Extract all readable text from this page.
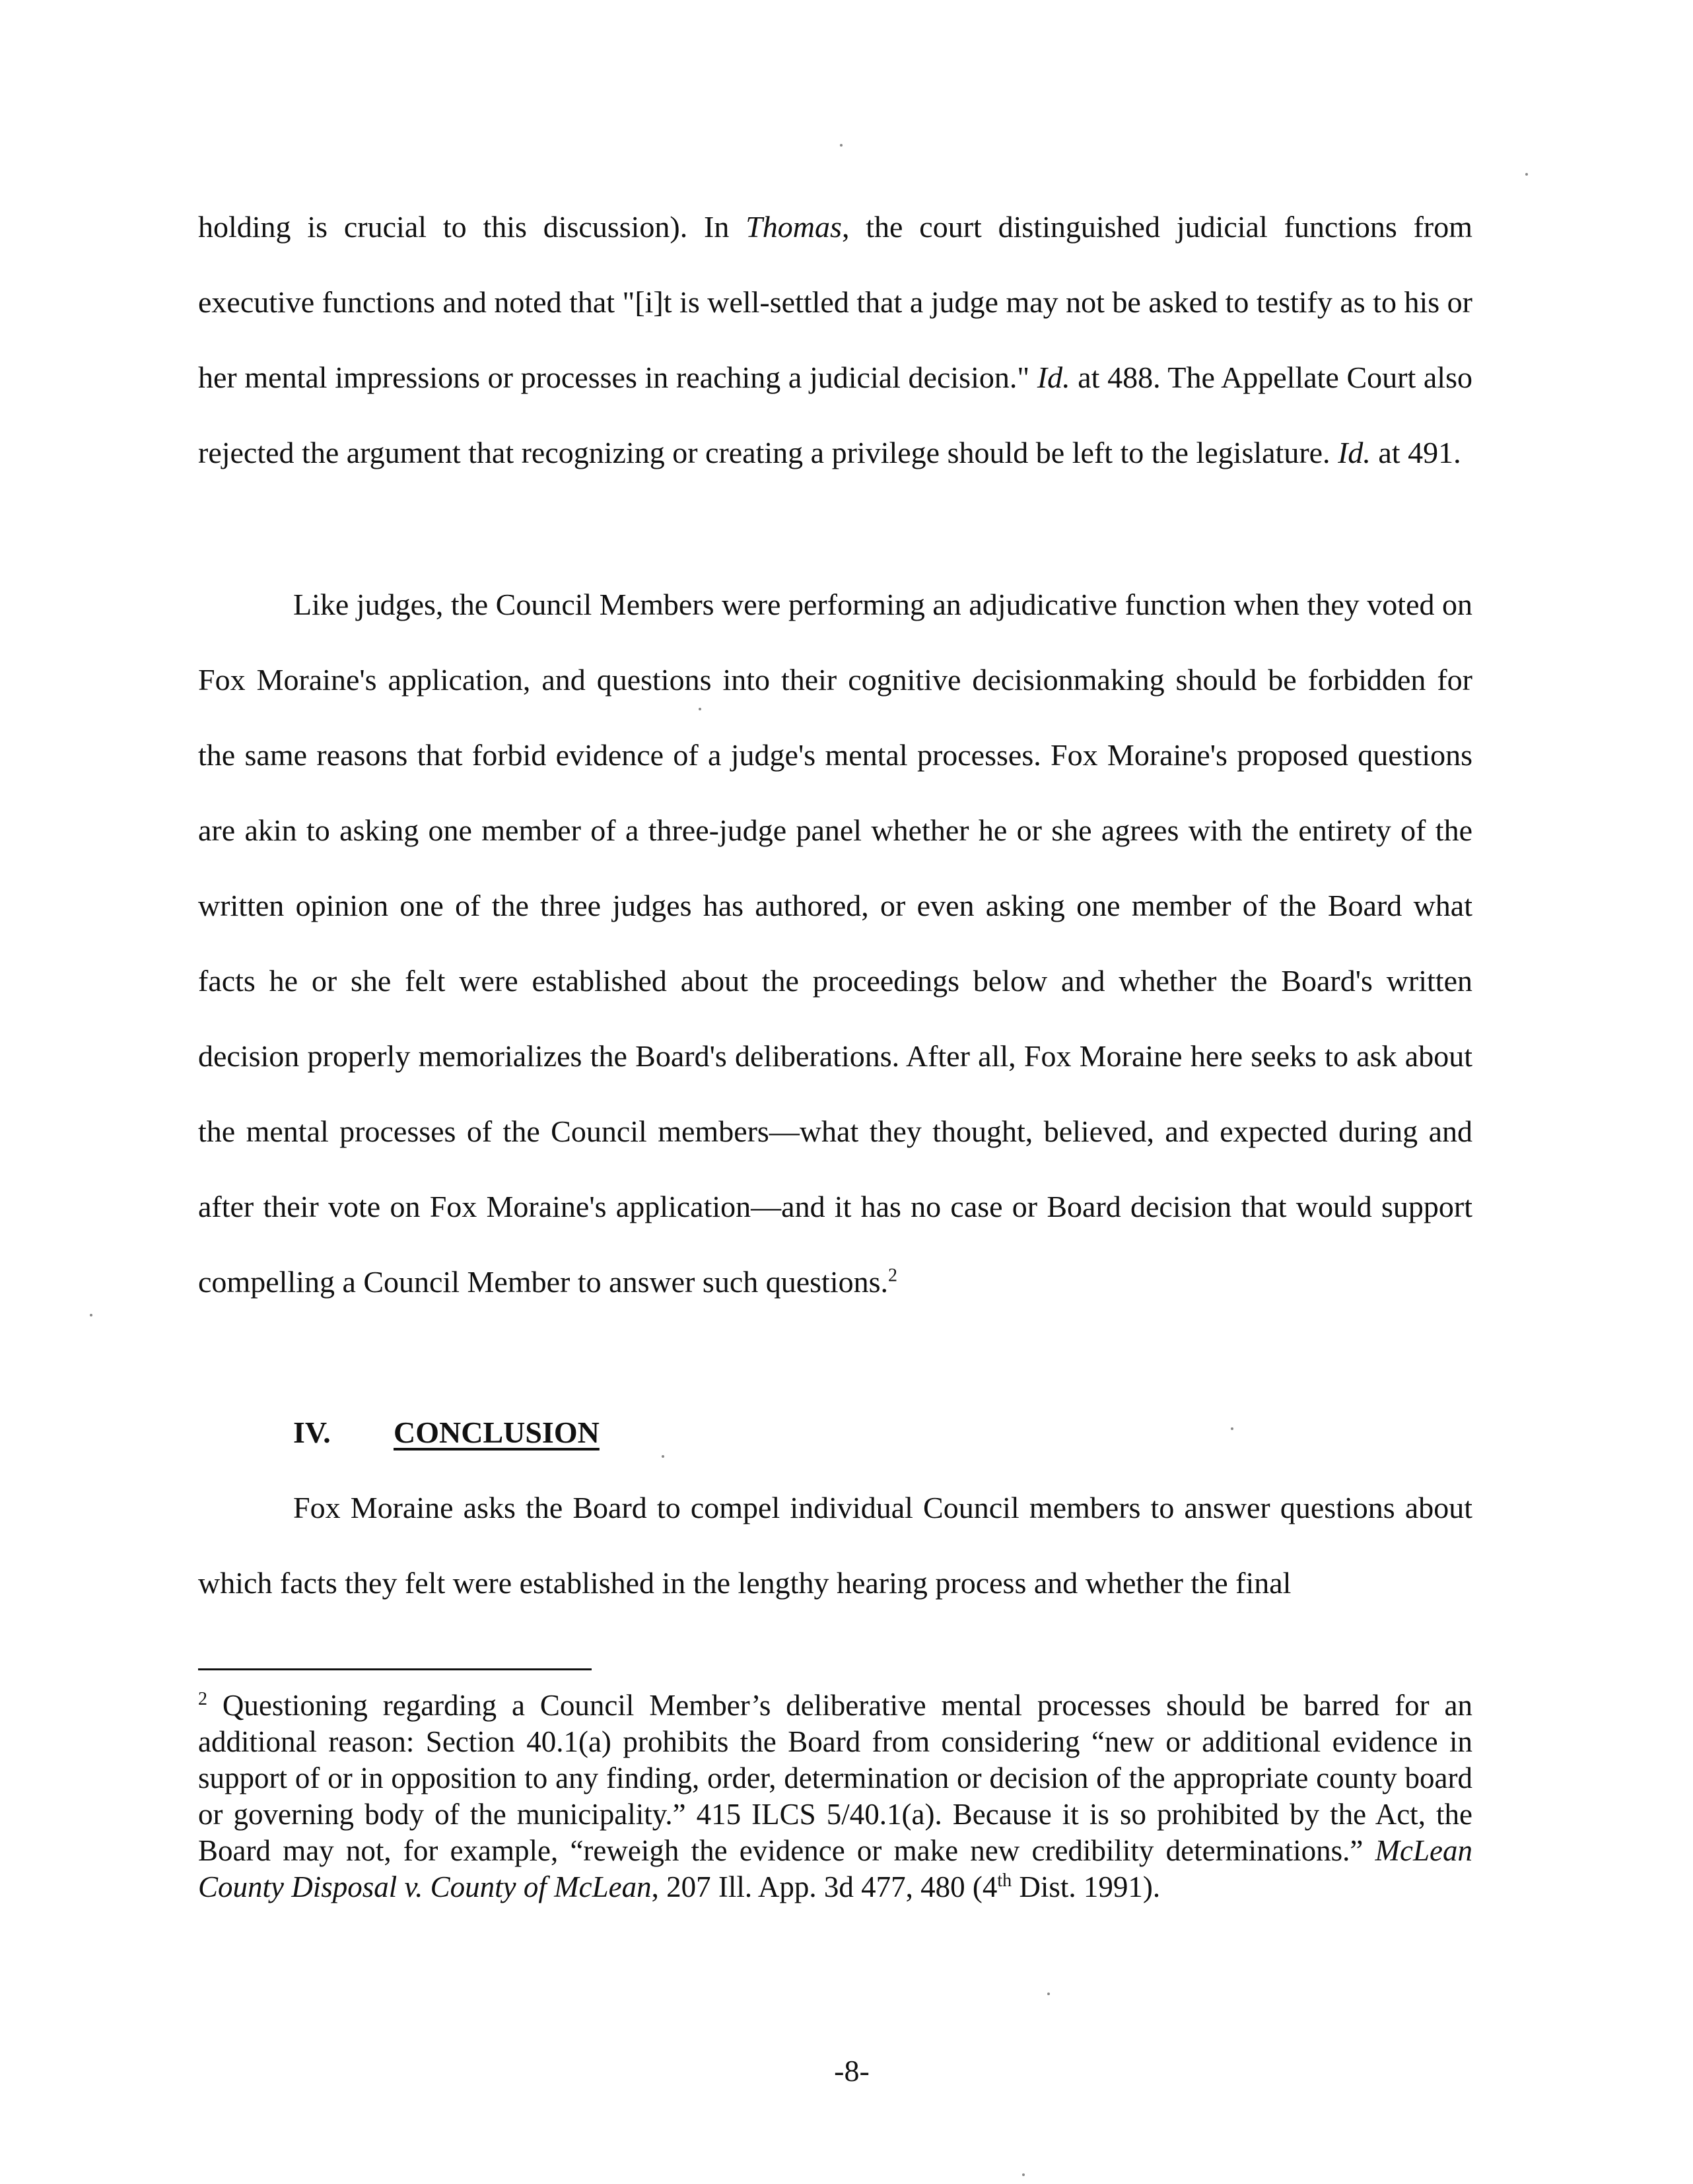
holding is crucial to this discussion). In Thomas, the court distinguished judicial functions from executive functions and noted that "[i]t is well-settled that a judge may not be asked to testify as to his or her mental impressions or processes in reaching a judicial decision." Id. at 488. The Appellate Court also rejected the argument that recognizing or creating a privilege should be left to the legislature. Id. at 491.
Like judges, the Council Members were performing an adjudicative function when they voted on Fox Moraine's application, and questions into their cognitive decisionmaking should be forbidden for the same reasons that forbid evidence of a judge's mental processes. Fox Moraine's proposed questions are akin to asking one member of a three-judge panel whether he or she agrees with the entirety of the written opinion one of the three judges has authored, or even asking one member of the Board what facts he or she felt were established about the proceedings below and whether the Board's written decision properly memorializes the Board's deliberations. After all, Fox Moraine here seeks to ask about the mental processes of the Council members—what they thought, believed, and expected during and after their vote on Fox Moraine's application—and it has no case or Board decision that would support compelling a Council Member to answer such questions.$^2$
IV. CONCLUSION
Fox Moraine asks the Board to compel individual Council members to answer questions about which facts they felt were established in the lengthy hearing process and whether the final
$^2$ Questioning regarding a Council Member’s deliberative mental processes should be barred for an additional reason: Section 40.1(a) prohibits the Board from considering “new or additional evidence in support of or in opposition to any finding, order, determination or decision of the appropriate county board or governing body of the municipality.” 415 ILCS 5/40.1(a). Because it is so prohibited by the Act, the Board may not, for example, “reweigh the evidence or make new credibility determinations.” McLean County Disposal v. County of McLean, 207 Ill. App. 3d 477, 480 (4th Dist. 1991).
-8-
